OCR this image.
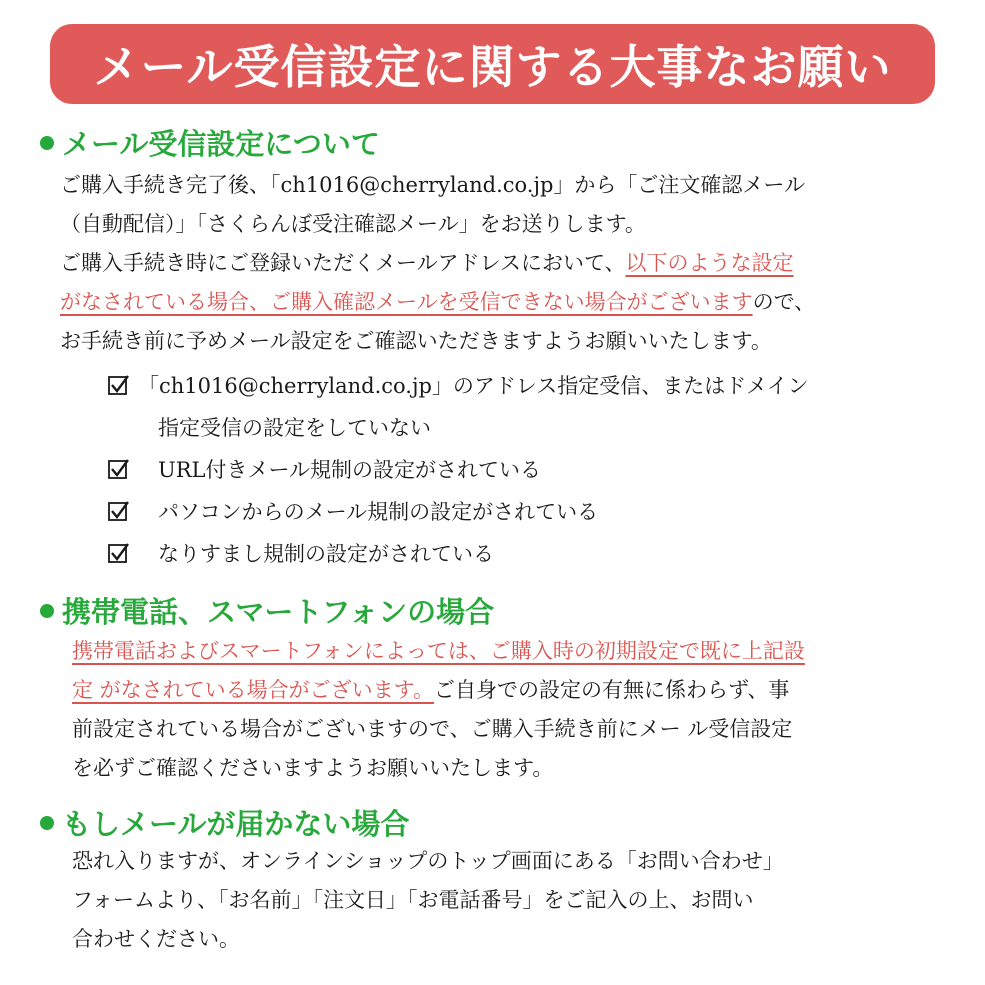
メール受信設定に関する大事なお願い
メール受信設定について
ご購入手続き完了後、「ch1016@cherryland.co.jp」から「ご注文確認メール
（自動配信）」「さくらんぼ受注確認メール」をお送りします。
ご購入手続き時にご登録いただくメールアドレスにおいて、以下のような設定
がなされている場合、ご購入確認メールを受信できない場合がございますので、
お手続き前に予めメール設定をご確認いただきますようお願いいたします。
「ch1016@cherryland.co.jp」のアドレス指定受信、またはドメイン
指定受信の設定をしていない
URL付きメール規制の設定がされている
パソコンからのメール規制の設定がされている
なりすまし規制の設定がされている
携帯電話、スマートフォンの場合
携帯電話およびスマートフォンによっては、ご購入時の初期設定で既に上記設
定 がなされている場合がございます。ご自身での設定の有無に係わらず、事
前設定されている場合がございますので、ご購入手続き前にメー ル受信設定
を必ずご確認くださいますようお願いいたします。
もしメールが届かない場合
恐れ入りますが、オンラインショップのトップ画面にある「お問い合わせ」
フォームより、「お名前」「注文日」「お電話番号」をご記入の上、お問い
合わせください。
